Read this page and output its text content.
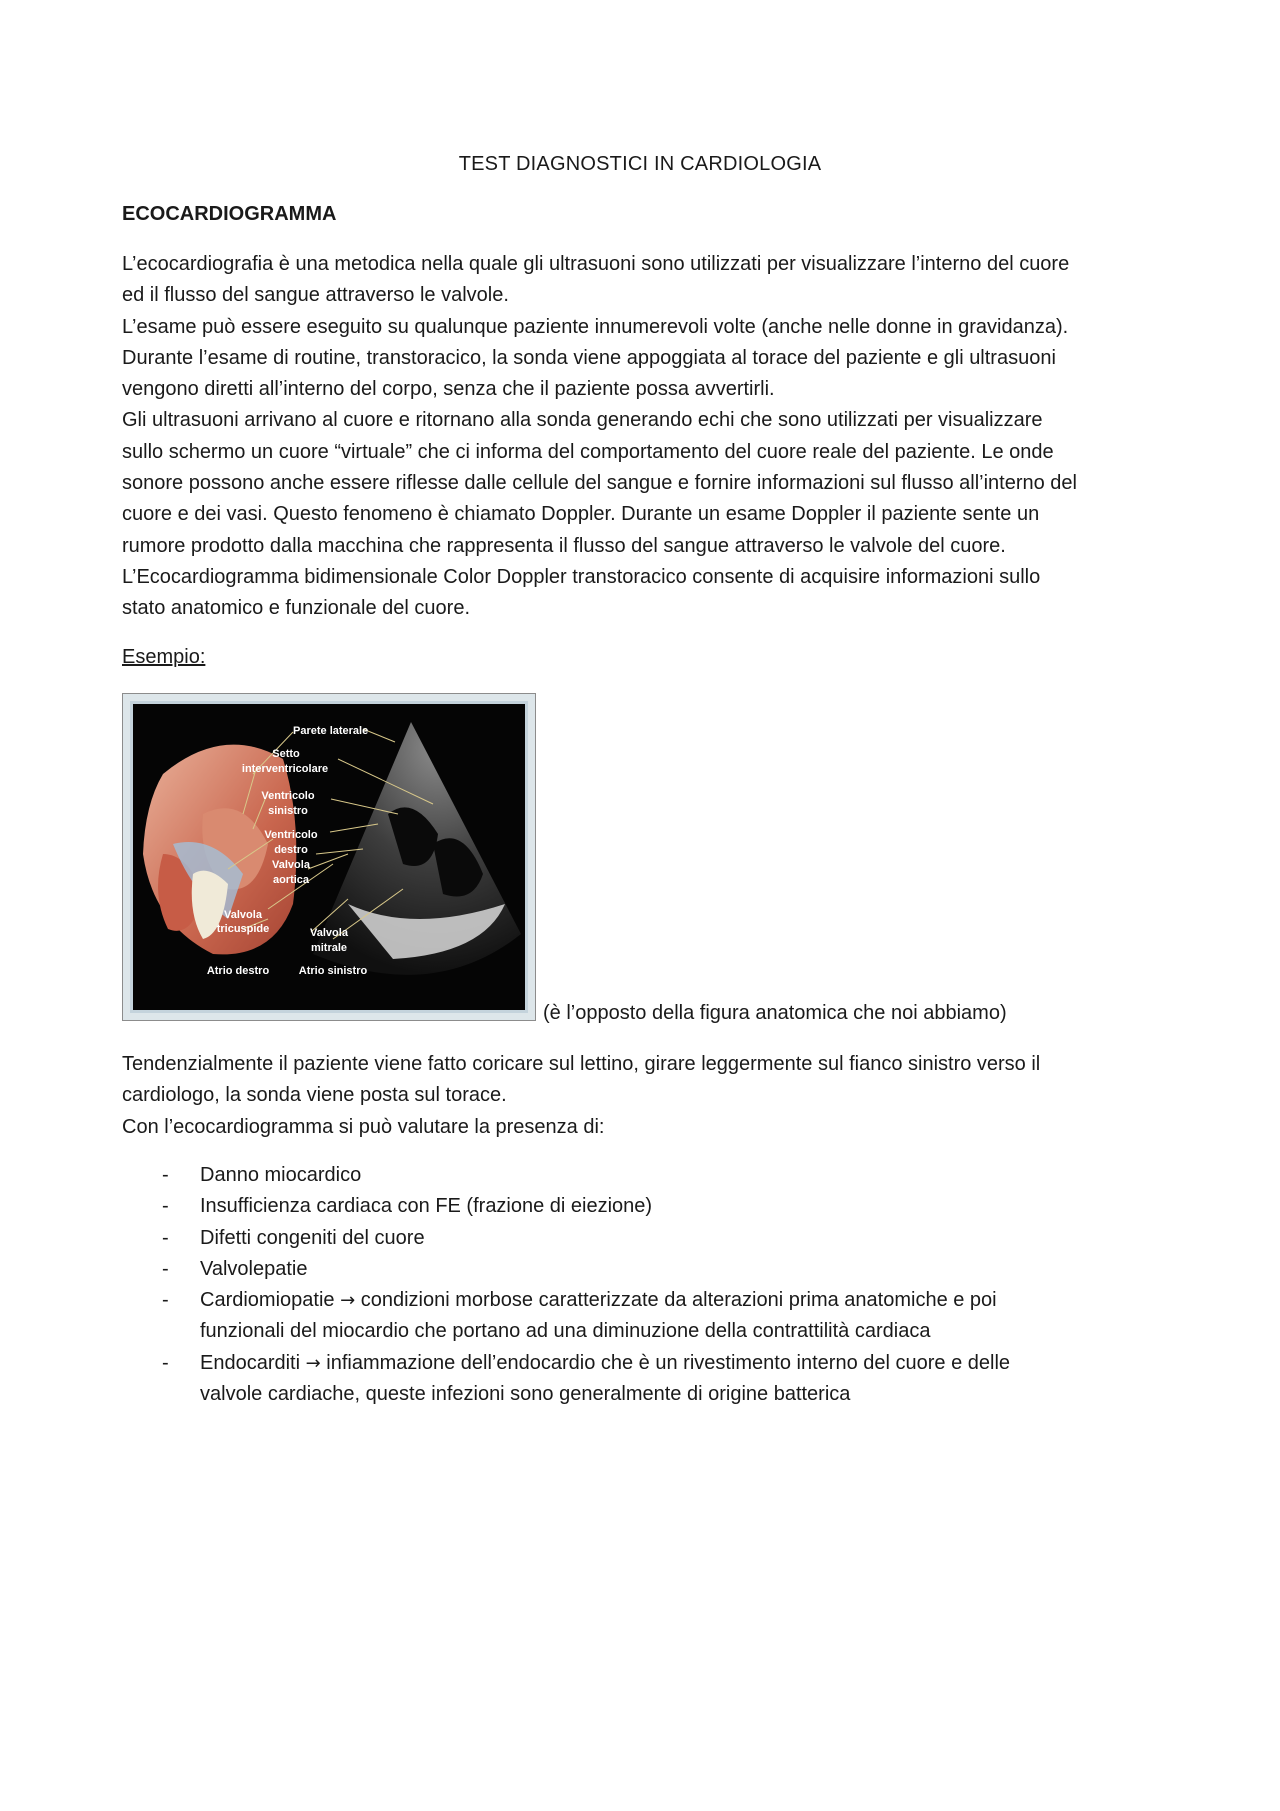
TEST DIAGNOSTICI IN CARDIOLOGIA
ECOCARDIOGRAMMA

L’ecocardiografia è una metodica nella quale gli ultrasuoni sono utilizzati per visualizzare l’interno del cuore

ed il flusso del sangue attraverso le valvole.

L’esame può essere eseguito su qualunque paziente innumerevoli volte (anche nelle donne in gravidanza).

Durante l’esame di routine, transtoracico, la sonda viene appoggiata al torace del paziente e gli ultrasuoni

vengono diretti all’interno del corpo, senza che il paziente possa avvertirli.

Gli ultrasuoni arrivano al cuore e ritornano alla sonda generando echi che sono utilizzati per visualizzare

sullo schermo un cuore “virtuale” che ci informa del comportamento del cuore reale del paziente. Le onde

sonore possono anche essere riflesse dalle cellule del sangue e fornire informazioni sul flusso all’interno del

cuore e dei vasi. Questo fenomeno è chiamato Doppler. Durante un esame Doppler il paziente sente un

rumore prodotto dalla macchina che rappresenta il flusso del sangue attraverso le valvole del cuore.

L’Ecocardiogramma bidimensionale Color Doppler transtoracico consente di acquisire informazioni sullo

stato anatomico e funzionale del cuore.

Esempio:
Parete laterale
Setto
interventricolare
Ventricolo
sinistro
Ventricolo
destro
Valvola
aortica
Valvola
tricuspide	Valvola
mitrale
Atrio destro	Atrio sinistro
(è l’opposto della figura anatomica che noi abbiamo)

Tendenzialmente il paziente viene fatto coricare sul lettino, girare leggermente sul fianco sinistro verso il

cardiologo, la sonda viene posta sul torace.

Con l’ecocardiogramma si può valutare la presenza di:

- Danno miocardico
- Insufficienza cardiaca con FE (frazione di eiezione)
- Difetti congeniti del cuore
- Valvolepatie
- Cardiomiopatie → condizioni morbose caratterizzate da alterazioni prima anatomiche e poi
funzionali del miocardio che portano ad una diminuzione della contrattilità cardiaca
- Endocarditi → infiammazione dell’endocardio che è un rivestimento interno del cuore e delle
valvole cardiache, queste infezioni sono generalmente di origine batterica
